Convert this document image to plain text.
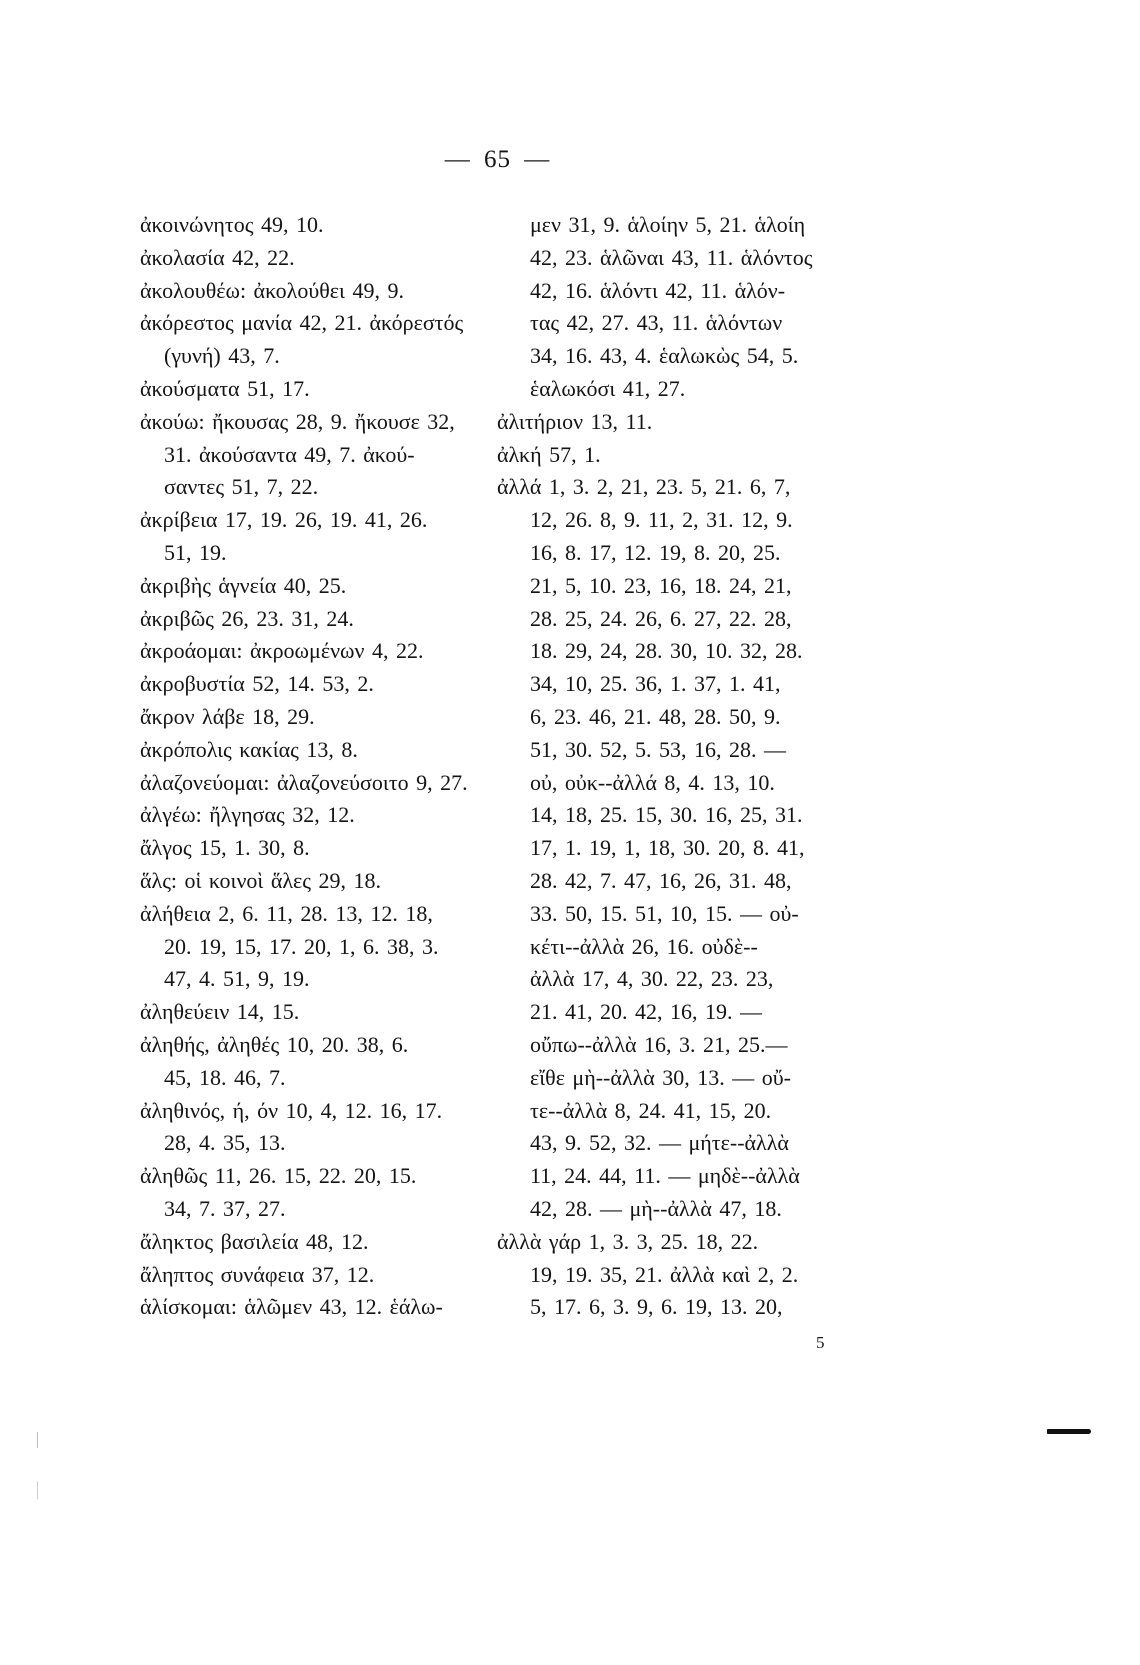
— 65 —
ἀκοινώνητος 49, 10.
ἀκολασία 42, 22.
ἀκολουθέω: ἀκολούθει 49, 9.
ἀκόρεστος μανία 42, 21. ἀκόρεστός
(γυνή) 43, 7.
ἀκούσματα 51, 17.
ἀκούω: ἤκουσας 28, 9. ἤκουσε 32,
31. ἀκούσαντα 49, 7. ἀκού-
σαντες 51, 7, 22.
ἀκρίβεια 17, 19. 26, 19. 41, 26.
51, 19.
ἀκριβὴς ἁγνεία 40, 25.
ἀκριβῶς 26, 23. 31, 24.
ἀκροάομαι: ἀκροωμένων 4, 22.
ἀκροβυστία 52, 14. 53, 2.
ἄκρον λάβε 18, 29.
ἀκρόπολις κακίας 13, 8.
ἀλαζονεύομαι: ἀλαζονεύσοιτο 9, 27.
ἀλγέω: ἤλγησας 32, 12.
ἄλγος 15, 1. 30, 8.
ἅλς: οἱ κοινοὶ ἅλες 29, 18.
ἀλήθεια 2, 6. 11, 28. 13, 12. 18,
20. 19, 15, 17. 20, 1, 6. 38, 3.
47, 4. 51, 9, 19.
ἀληθεύειν 14, 15.
ἀληθής, ἀληθές 10, 20. 38, 6.
45, 18. 46, 7.
ἀληθινός, ή, όν 10, 4, 12. 16, 17.
28, 4. 35, 13.
ἀληθῶς 11, 26. 15, 22. 20, 15.
34, 7. 37, 27.
ἄληκτος βασιλεία 48, 12.
ἄληπτος συνάφεια 37, 12.
ἁλίσκομαι: ἁλῶμεν 43, 12. ἑάλω-
μεν 31, 9. ἁλοίην 5, 21. ἁλοίη
42, 23. ἁλῶναι 43, 11. ἁλόντος
42, 16. ἁλόντι 42, 11. ἁλόν-
τας 42, 27. 43, 11. ἁλόντων
34, 16. 43, 4. ἑαλωκὼς 54, 5.
ἑαλωκόσι 41, 27.
ἀλιτήριον 13, 11.
ἀλκή 57, 1.
ἀλλά 1, 3. 2, 21, 23. 5, 21. 6, 7,
12, 26. 8, 9. 11, 2, 31. 12, 9.
16, 8. 17, 12. 19, 8. 20, 25.
21, 5, 10. 23, 16, 18. 24, 21,
28. 25, 24. 26, 6. 27, 22. 28,
18. 29, 24, 28. 30, 10. 32, 28.
34, 10, 25. 36, 1. 37, 1. 41,
6, 23. 46, 21. 48, 28. 50, 9.
51, 30. 52, 5. 53, 16, 28. —
οὐ, οὐκ--ἀλλά 8, 4. 13, 10.
14, 18, 25. 15, 30. 16, 25, 31.
17, 1. 19, 1, 18, 30. 20, 8. 41,
28. 42, 7. 47, 16, 26, 31. 48,
33. 50, 15. 51, 10, 15. — οὐ-
κέτι--ἀλλὰ 26, 16. οὐδὲ--
ἀλλὰ 17, 4, 30. 22, 23. 23,
21. 41, 20. 42, 16, 19. —
οὔπω--ἀλλὰ 16, 3. 21, 25.—
εἴθε μὴ--ἀλλὰ 30, 13. — οὔ-
τε--ἀλλὰ 8, 24. 41, 15, 20.
43, 9. 52, 32. — μήτε--ἀλλὰ
11, 24. 44, 11. — μηδὲ--ἀλλὰ
42, 28. — μὴ--ἀλλὰ 47, 18.
ἀλλὰ γάρ 1, 3. 3, 25. 18, 22.
19, 19. 35, 21. ἀλλὰ καὶ 2, 2.
5, 17. 6, 3. 9, 6. 19, 13. 20,
5
